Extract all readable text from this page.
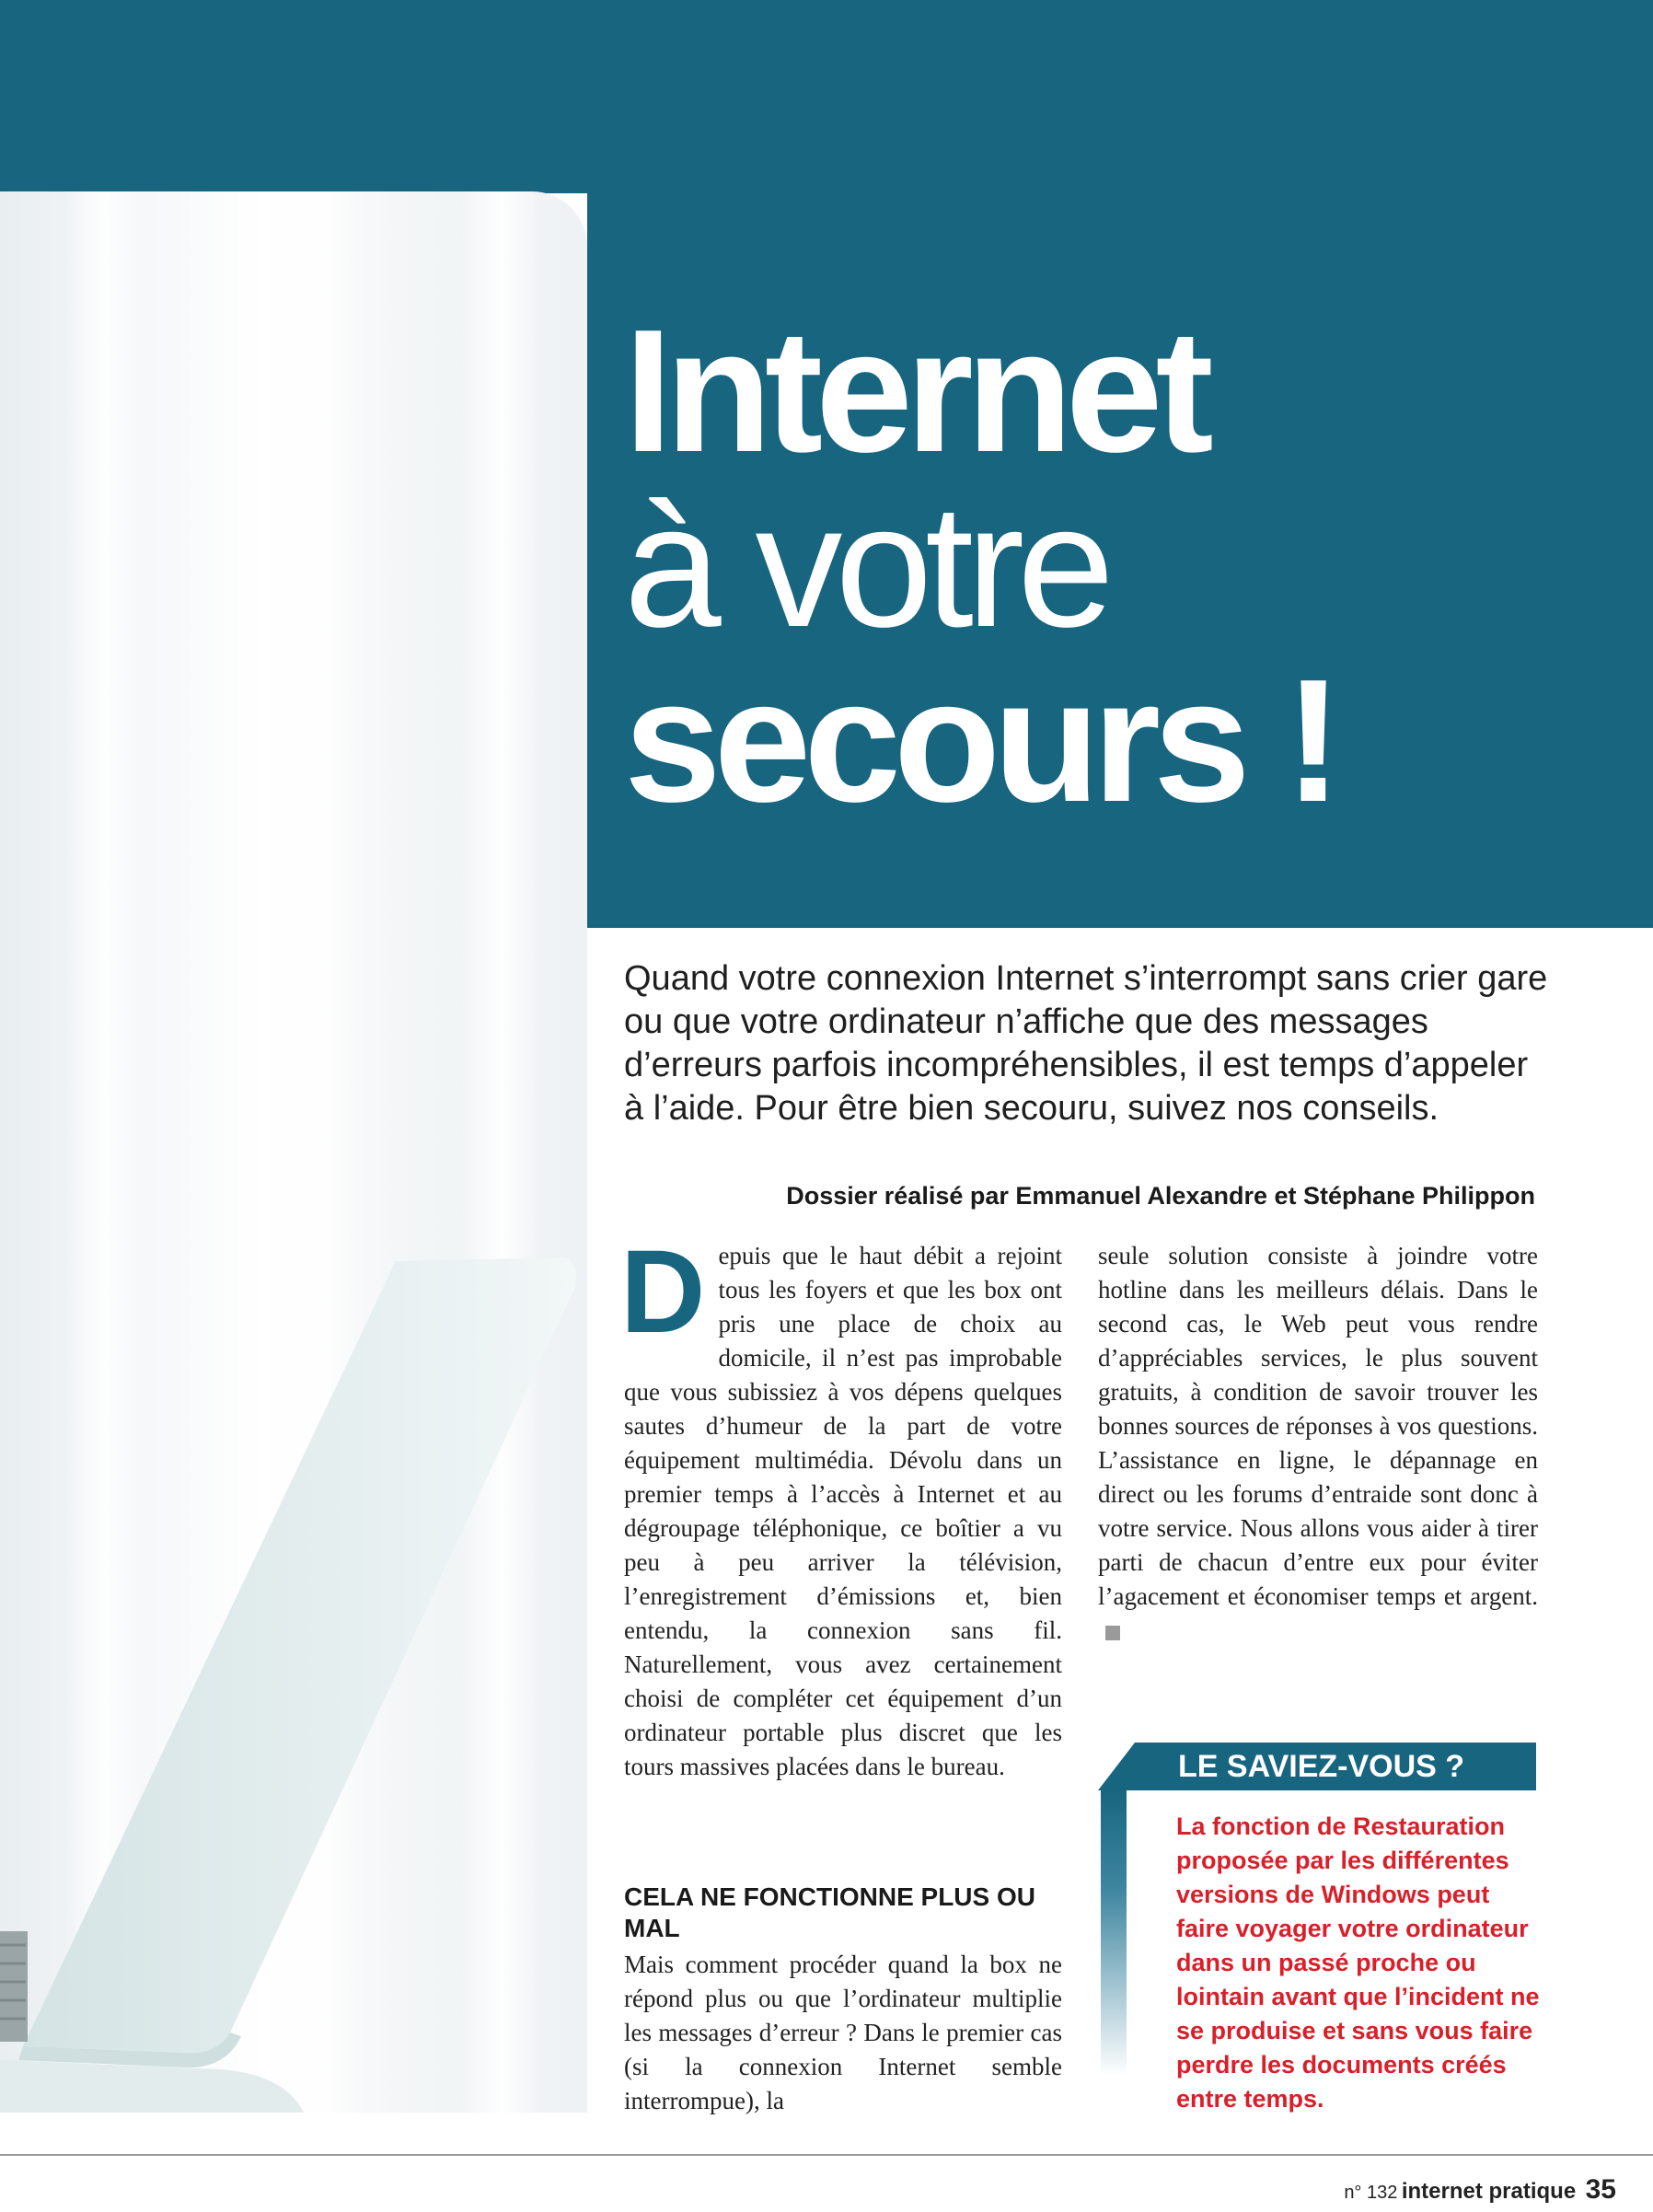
Internet
à votre
secours !

Quand votre connexion Internet s’interrompt sans crier gare ou que votre ordinateur n’affiche que des messages d’erreurs parfois incompréhensibles, il est temps d’appeler à l’aide. Pour être bien secouru, suivez nos conseils.

Dossier réalisé par Emmanuel Alexandre et Stéphane Philippon

Depuis que le haut débit a rejoint tous les foyers et que les box ont pris une place de choix au domicile, il n’est pas improbable que vous subissiez à vos dépens quelques sautes d’humeur de la part de votre équipement multimédia. Dévolu dans un premier temps à l’accès à Internet et au dégroupage téléphonique, ce boîtier a vu peu à peu arriver la télévision, l’enregistrement d’émissions et, bien entendu, la connexion sans fil. Naturellement, vous avez certainement choisi de compléter cet équipement d’un ordinateur portable plus discret que les tours massives placées dans le bureau.

CELA NE FONCTIONNE PLUS OU MAL

Mais comment procéder quand la box ne répond plus ou que l’ordinateur multiplie les messages d’erreur ? Dans le premier cas (si la connexion Internet semble interrompue), la

seule solution consiste à joindre votre hotline dans les meilleurs délais. Dans le second cas, le Web peut vous rendre d’appréciables services, le plus souvent gratuits, à condition de savoir trouver les bonnes sources de réponses à vos questions. L’assistance en ligne, le dépannage en direct ou les forums d’entraide sont donc à votre service. Nous allons vous aider à tirer parti de chacun d’entre eux pour éviter l’agacement et économiser temps et argent.

LE SAVIEZ-VOUS ?

La fonction de Restauration proposée par les différentes versions de Windows peut faire voyager votre ordinateur dans un passé proche ou lointain avant que l’incident ne se produise et sans vous faire perdre les documents créés entre temps.

n° 132 internet pratique 35
